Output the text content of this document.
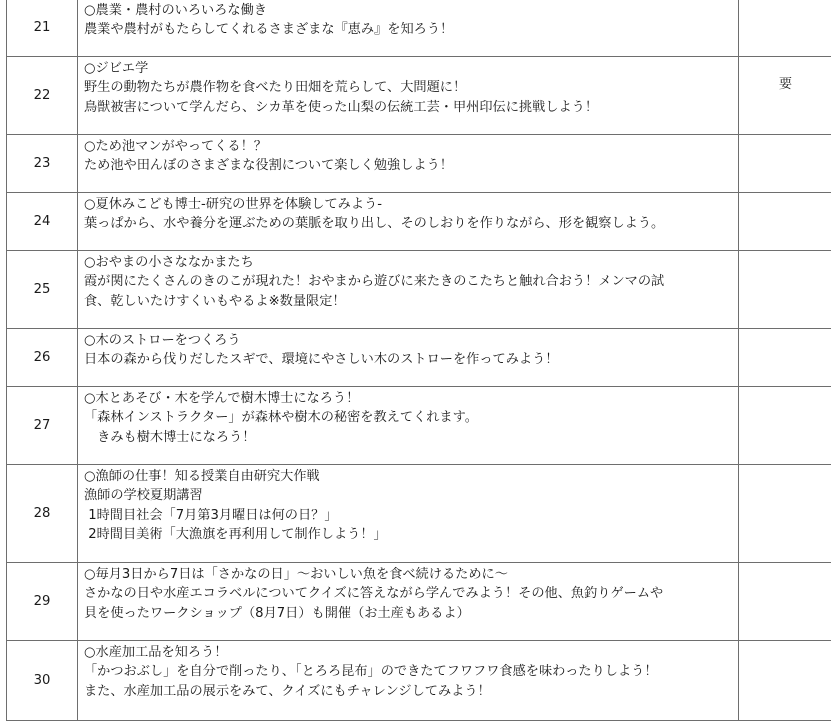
21	○農業・農村のいろいろな働き
農業や農村がもたらしてくれるさまざまな『恵み』を知ろう！	

22	○ジビエ学
野生の動物たちが農作物を食べたり田畑を荒らして、大問題に！
鳥獣被害について学んだら、シカ革を使った山梨の伝統工芸・甲州印伝に挑戦しよう！	要
23	○ため池マンがやってくる！？
ため池や田んぼのさまざまな役割について楽しく勉強しよう！	

24	○夏休みこども博士-研究の世界を体験してみよう-
葉っぱから、水や養分を運ぶための葉脈を取り出し、そのしおりを作りながら、形を観察しよう。	

25	○おやまの小さななかまたち
霞が関にたくさんのきのこが現れた！おやまから遊びに来たきのこたちと触れ合おう！メンマの試
食、乾しいたけすくいもやるよ※数量限定！	

26	○木のストローをつくろう
日本の森から伐りだしたスギで、環境にやさしい木のストローを作ってみよう！	

27	○木とあそび・木を学んで樹木博士になろう！
「森林インストラクター」が森林や樹木の秘密を教えてくれます。
　きみも樹木博士になろう！	

28	○漁師の仕事！知る授業自由研究大作戦
漁師の学校夏期講習
1時間目社会「7月第3月曜日は何の日？」
2時間目美術「大漁旗を再利用して制作しよう！」	

29	○毎月3日から7日は「さかなの日」～おいしい魚を食べ続けるために～
さかなの日や水産エコラベルについてクイズに答えながら学んでみよう！その他、魚釣りゲームや
貝を使ったワークショップ（8月7日）も開催（お土産もあるよ）	

30	○水産加工品を知ろう！
「かつおぶし」を自分で削ったり、「とろろ昆布」のできたてフワフワ食感を味わったりしよう！
また、水産加工品の展示をみて、クイズにもチャレンジしてみよう！	
